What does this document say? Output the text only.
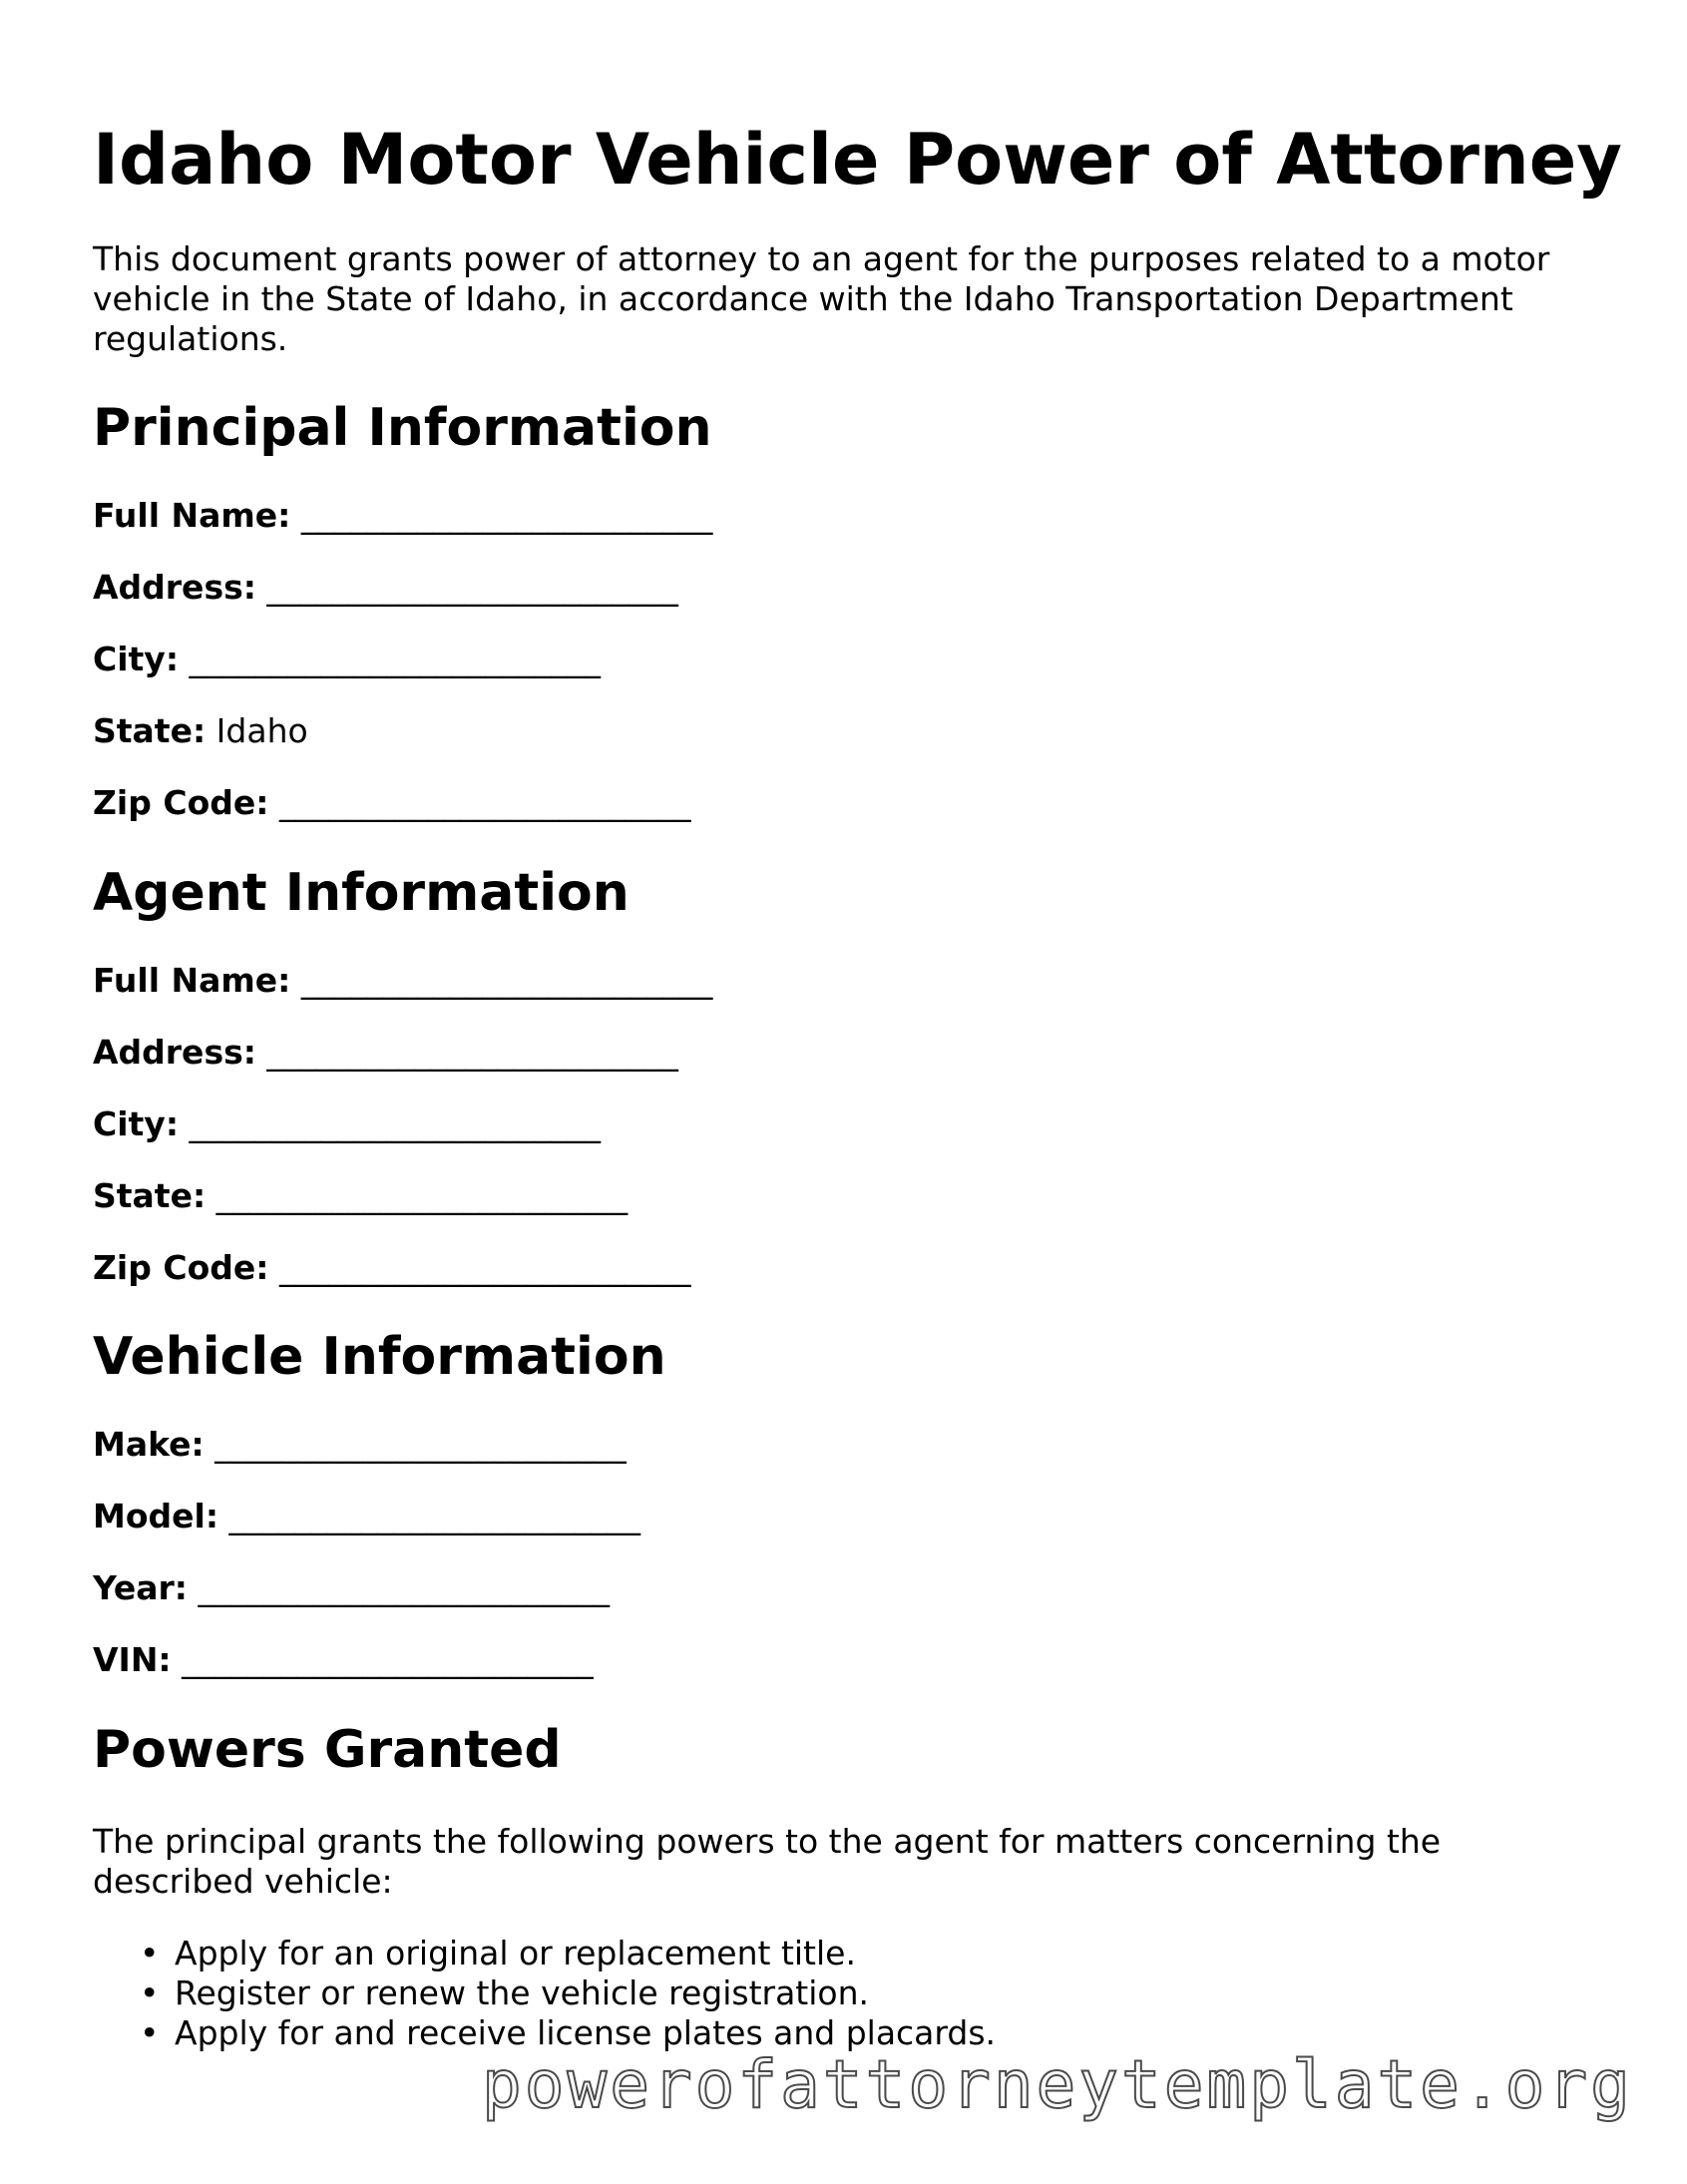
Idaho Motor Vehicle Power of Attorney

This document grants power of attorney to an agent for the purposes related to a motor vehicle in the State of Idaho, in accordance with the Idaho Transportation Department regulations.

Principal Information

Full Name: _________________________

Address: _________________________

City: _________________________

State: Idaho

Zip Code: _________________________

Agent Information

Full Name: _________________________

Address: _________________________

City: _________________________

State: _________________________

Zip Code: _________________________

Vehicle Information

Make: _________________________

Model: _________________________

Year: _________________________

VIN: _________________________

Powers Granted

The principal grants the following powers to the agent for matters concerning the described vehicle:

• Apply for an original or replacement title.
• Register or renew the vehicle registration.
• Apply for and receive license plates and placards.
powerofattorneytemplate.org
